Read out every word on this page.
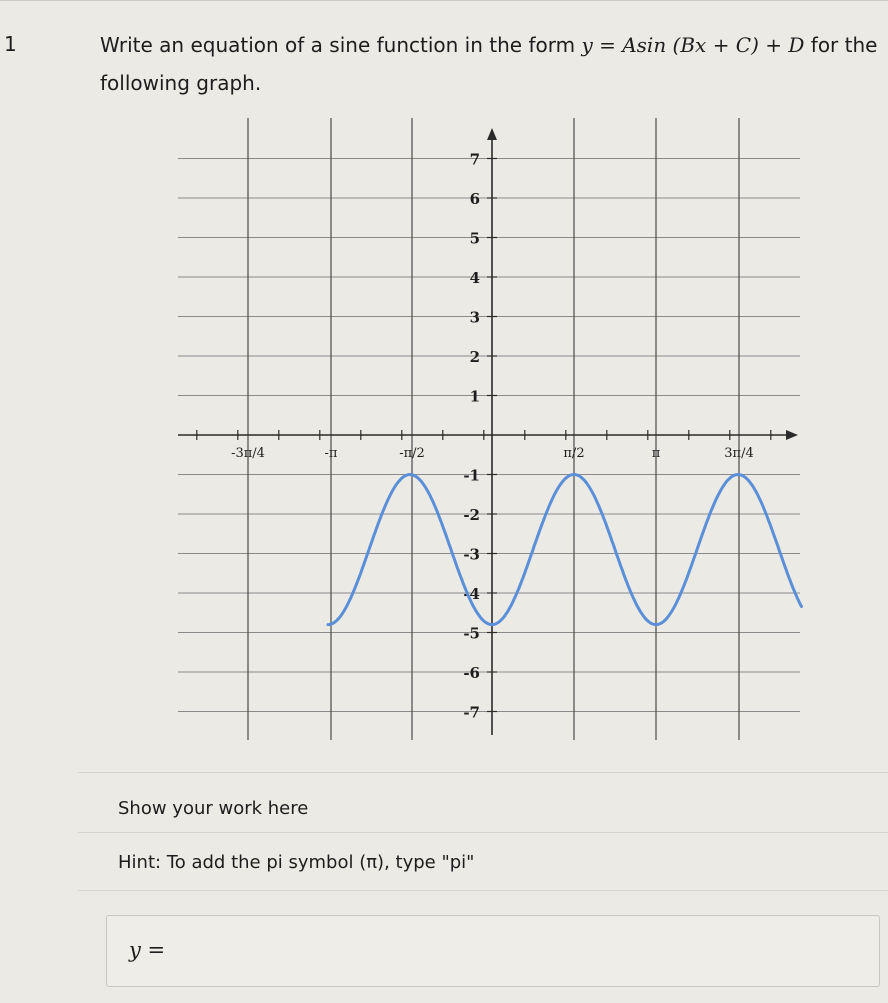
1	Write an equation of a sine function in the form y = Asin (Bx + C) + D for the following graph.
-3π/4	-π	-π/2	π/2	π	3π/4
7
6
5
4
3
2
1
-1
-2
-3
-4
-5
-6
-7
Show your work here
Hint: To add the pi symbol (π), type "pi"
y =
